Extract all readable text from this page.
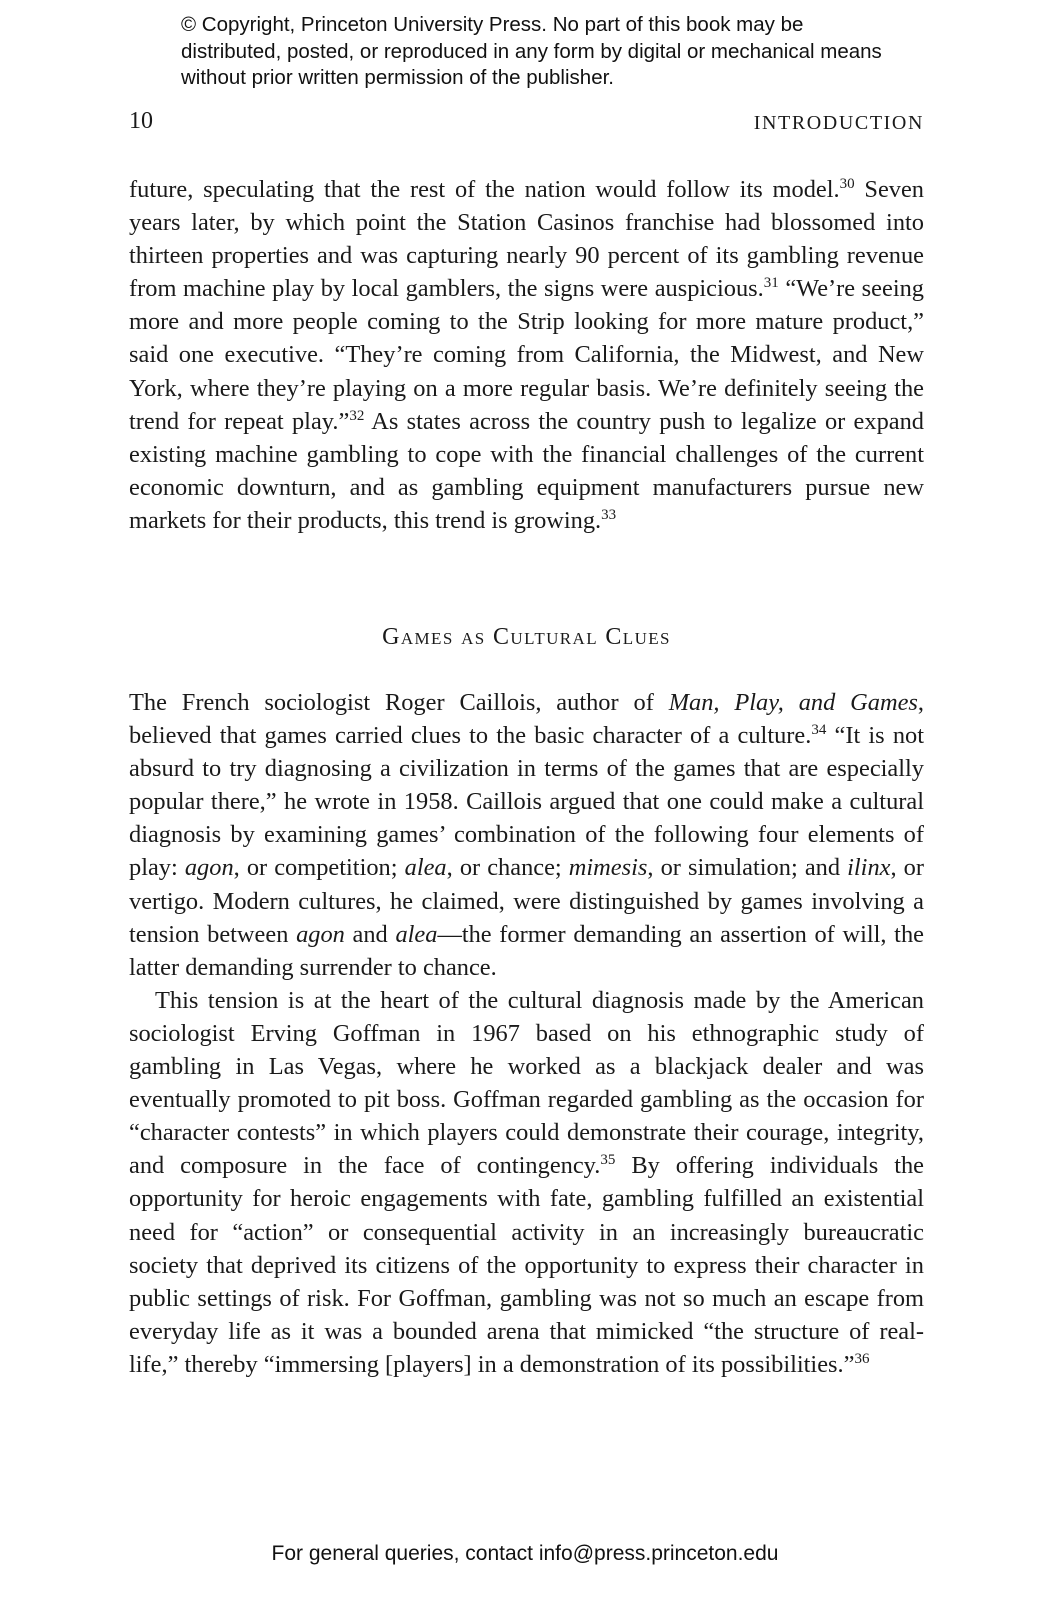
© Copyright, Princeton University Press. No part of this book may be distributed, posted, or reproduced in any form by digital or mechanical means without prior written permission of the publisher.
10	INTRODUCTION

future, speculating that the rest of the nation would follow its model.$^{30}$ Seven years later, by which point the Station Casinos franchise had blossomed into thirteen properties and was capturing nearly 90 percent of its gambling revenue from machine play by local gamblers, the signs were auspicious.$^{31}$ “We’re seeing more and more people coming to the Strip looking for more mature product,” said one executive. “They’re coming from California, the Midwest, and New York, where they’re playing on a more regular basis. We’re definitely seeing the trend for repeat play.”$^{32}$ As states across the country push to legalize or expand existing machine gambling to cope with the financial challenges of the current economic downturn, and as gambling equipment manufacturers pursue new markets for their products, this trend is growing.$^{33}$

Games as Cultural Clues

The French sociologist Roger Caillois, author of Man, Play, and Games, believed that games carried clues to the basic character of a culture.$^{34}$ “It is not absurd to try diagnosing a civilization in terms of the games that are especially popular there,” he wrote in 1958. Caillois argued that one could make a cultural diagnosis by examining games’ combination of the following four elements of play: agon, or competition; alea, or chance; mimesis, or simulation; and ilinx, or vertigo. Modern cultures, he claimed, were distinguished by games involving a tension between agon and alea—the former demanding an assertion of will, the latter demanding surrender to chance.

This tension is at the heart of the cultural diagnosis made by the American sociologist Erving Goffman in 1967 based on his ethnographic study of gambling in Las Vegas, where he worked as a blackjack dealer and was eventually promoted to pit boss. Goffman regarded gambling as the occasion for “character contests” in which players could demonstrate their courage, integrity, and composure in the face of contingency.$^{35}$ By offering individuals the opportunity for heroic engagements with fate, gambling fulfilled an existential need for “action” or consequential activity in an increasingly bureaucratic society that deprived its citizens of the opportunity to express their character in public settings of risk. For Goffman, gambling was not so much an escape from everyday life as it was a bounded arena that mimicked “the structure of real-life,” thereby “immersing [players] in a demonstration of its possibilities.”$^{36}$

For general queries, contact info@press.princeton.edu
